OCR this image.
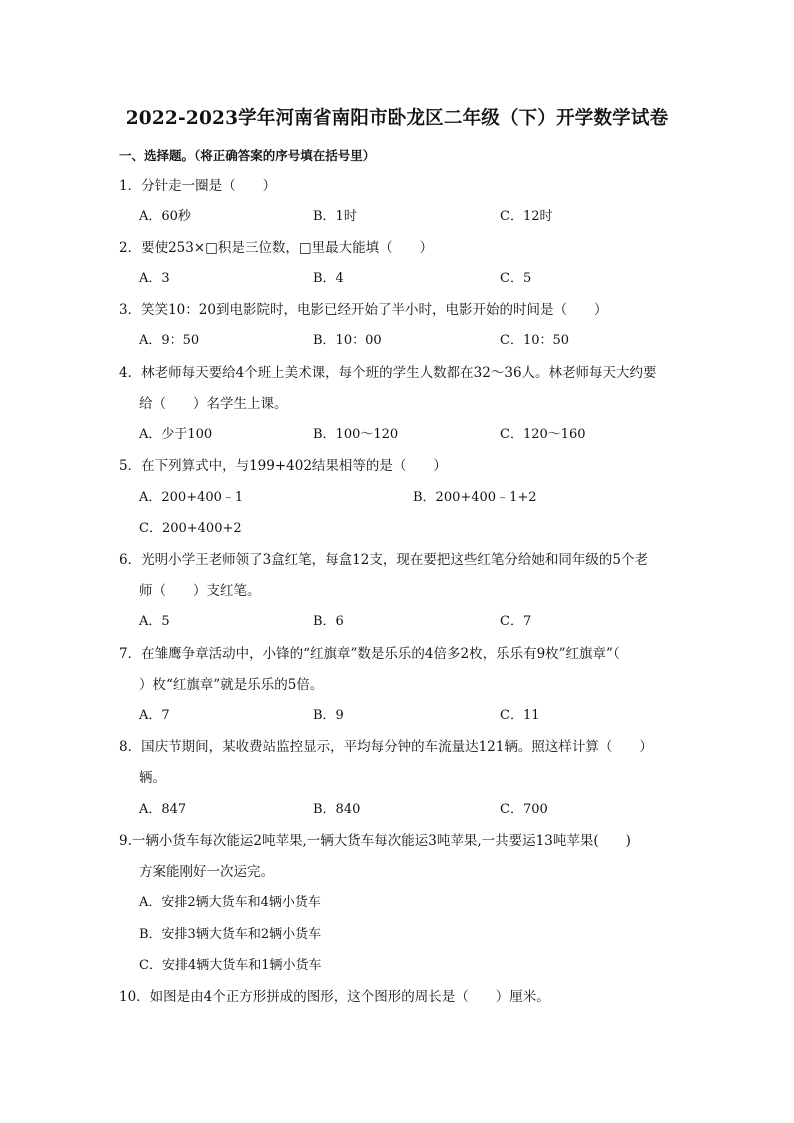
2022-2023学年河南省南阳市卧龙区二年级（下）开学数学试卷
一、选择题。（将正确答案的序号填在括号里）
1．分针走一圈是（　　）
A．60秒	B．1时	C．12时
2．要使253×□积是三位数，□里最大能填（　　）
A．3	B．4	C．5
3．笑笑10：20到电影院时，电影已经开始了半小时，电影开始的时间是（　　）
A．9：50	B．10：00	C．10：50
4．林老师每天要给4个班上美术课，每个班的学生人数都在32～36人。林老师每天大约要
给（　　）名学生上课。
A．少于100	B．100～120	C．120～160
5．在下列算式中，与199+402结果相等的是（　　）
A．200+400﹣1	B．200+400﹣1+2
C．200+400+2
6．光明小学王老师领了3盒红笔，每盒12支，现在要把这些红笔分给她和同年级的5个老
师（　　）支红笔。
A．5	B．6	C．7
7．在雏鹰争章活动中，小锋的“红旗章”数是乐乐的4倍多2枚，乐乐有9枚”红旗章”（
）枚“红旗章”就是乐乐的5倍。
A．7	B．9	C．11
8．国庆节期间，某收费站监控显示，平均每分钟的车流量达121辆。照这样计算（　　）
辆。
A．847	B．840	C．700
9.一辆小货车每次能运2吨苹果,一辆大货车每次能运3吨苹果,一共要运13吨苹果(　　)
方案能刚好一次运完。
A．安排2辆大货车和4辆小货车
B．安排3辆大货车和2辆小货车
C．安排4辆大货车和1辆小货车
10．如图是由4个正方形拼成的图形，这个图形的周长是（　　）厘米。
